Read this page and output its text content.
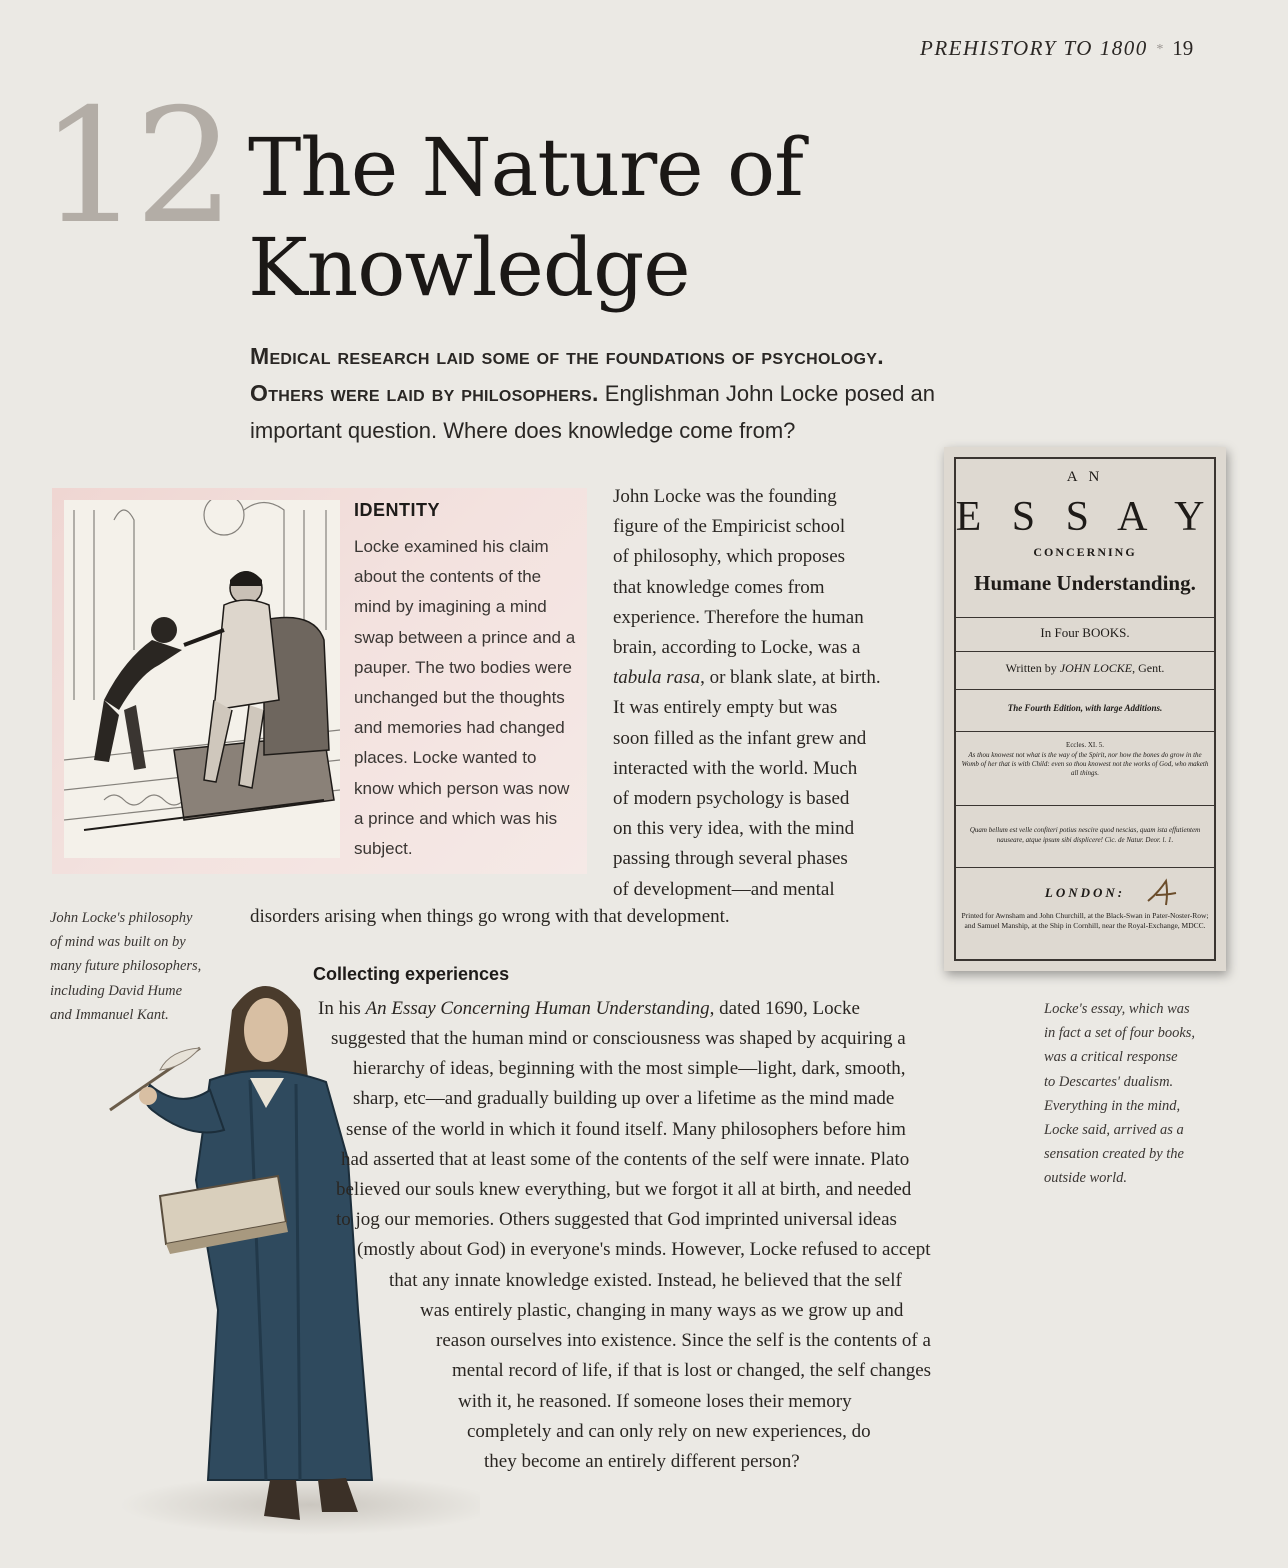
PREHISTORY TO 1800 * 19
12 The Nature of
Knowledge
Medical research laid some of the foundations of psychology.
Others were laid by philosophers. Englishman John Locke posed an
important question. Where does knowledge come from?
IDENTITY
Locke examined his claim about the contents of the mind by imagining a mind swap between a prince and a pauper. The two bodies were unchanged but the thoughts and memories had changed places. Locke wanted to know which person was now a prince and which was his subject.
John Locke was the founding
figure of the Empiricist school
of philosophy, which proposes
that knowledge comes from
experience. Therefore the human
brain, according to Locke, was a
tabula rasa, or blank slate, at birth.
It was entirely empty but was
soon filled as the infant grew and
interacted with the world. Much
of modern psychology is based
on this very idea, with the mind
passing through several phases
of development—and mental
disorders arising when things go wrong with that development.
A N
E S S A Y
CONCERNING
Humane Understanding.
In Four BOOKS.
Written by JOHN LOCKE, Gent.
The Fourth Edition, with large Additions.
Eccles. XI. 5.
As thou knowest not what is the way of the Spirit, nor how the bones do grow in the Womb of her that is with Child: even so thou knowest not the works of God, who maketh all things.
Quam bellum est velle confiteri potius nescire quod nescias, quam ista effutientem nauseare, atque ipsum sibi displicere! Cic. de Natur. Deor. l. 1.
LONDON:
Printed for Awnsham and John Churchill, at the Black-Swan in Pater-Noster-Row; and Samuel Manship, at the Ship in Cornhill, near the Royal-Exchange, MDCC.
John Locke's philosophy
of mind was built on by
many future philosophers,
including David Hume
and Immanuel Kant.	Locke's essay, which was
in fact a set of four books,
was a critical response
to Descartes' dualism.
Everything in the mind,
Locke said, arrived as a
sensation created by the
outside world.
Collecting experiences
In his An Essay Concerning Human Understanding, dated 1690, Locke
suggested that the human mind or consciousness was shaped by acquiring a
hierarchy of ideas, beginning with the most simple—light, dark, smooth,
sharp, etc—and gradually building up over a lifetime as the mind made
sense of the world in which it found itself. Many philosophers before him
had asserted that at least some of the contents of the self were innate. Plato
believed our souls knew everything, but we forgot it all at birth, and needed
to jog our memories. Others suggested that God imprinted universal ideas
(mostly about God) in everyone's minds. However, Locke refused to accept
that any innate knowledge existed. Instead, he believed that the self
was entirely plastic, changing in many ways as we grow up and
reason ourselves into existence. Since the self is the contents of a
mental record of life, if that is lost or changed, the self changes
with it, he reasoned. If someone loses their memory
completely and can only rely on new experiences, do
they become an entirely different person?
